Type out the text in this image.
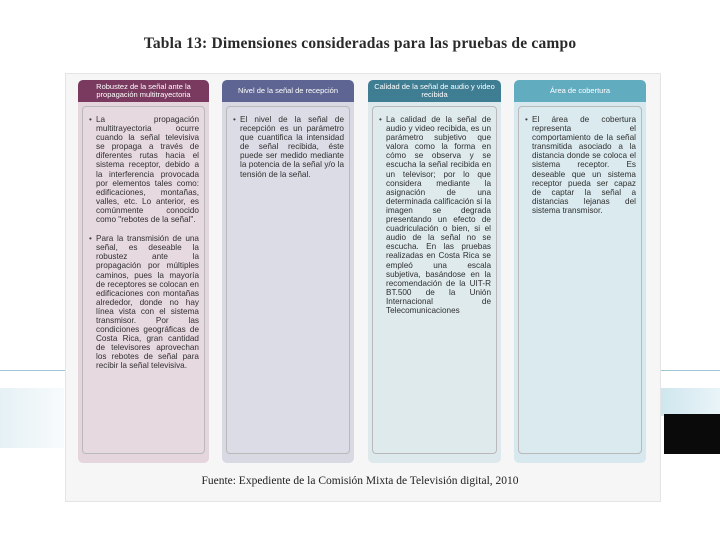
Tabla 13: Dimensiones consideradas para las pruebas de campo
Robustez de la señal ante la propagación multitrayectoria
• La propagación multitrayectoria ocurre cuando la señal televisiva se propaga a través de diferentes rutas hacia el sistema receptor, debido a la interferencia provocada por elementos tales como: edificaciones, montañas, valles, etc. Lo anterior, es comúnmente conocido como "rebotes de la señal".
• Para la transmisión de una señal, es deseable la robustez ante la propagación por múltiples caminos, pues la mayoría de receptores se colocan en edificaciones con montañas alrededor, donde no hay línea vista con el sistema transmisor. Por las condiciones geográficas de Costa Rica, gran cantidad de televisores aprovechan los rebotes de señal para recibir la señal televisiva.
Nivel de la señal de recepción
• El nivel de la señal de recepción es un parámetro que cuantifica la intensidad de señal recibida, éste puede ser medido mediante la potencia de la señal y/o la tensión de la señal.
Calidad de la señal de audio y video recibida
• La calidad de la señal de audio y video recibida, es un parámetro subjetivo que valora como la forma en cómo se observa y se escucha la señal recibida en un televisor; por lo que considera mediante la asignación de una determinada calificación si la imagen se degrada presentando un efecto de cuadriculación o bien, si el audio de la señal no se escucha. En las pruebas realizadas en Costa Rica se empleó una escala subjetiva, basándose en la recomendación de la UIT-R BT.500 de la Unión Internacional de Telecomunicaciones
Área de cobertura
• El área de cobertura representa el comportamiento de la señal transmitida asociado a la distancia donde se coloca el sistema receptor. Es deseable que un sistema receptor pueda ser capaz de captar la señal a distancias lejanas del sistema transmisor.
Fuente: Expediente de la Comisión Mixta de Televisión digital, 2010
